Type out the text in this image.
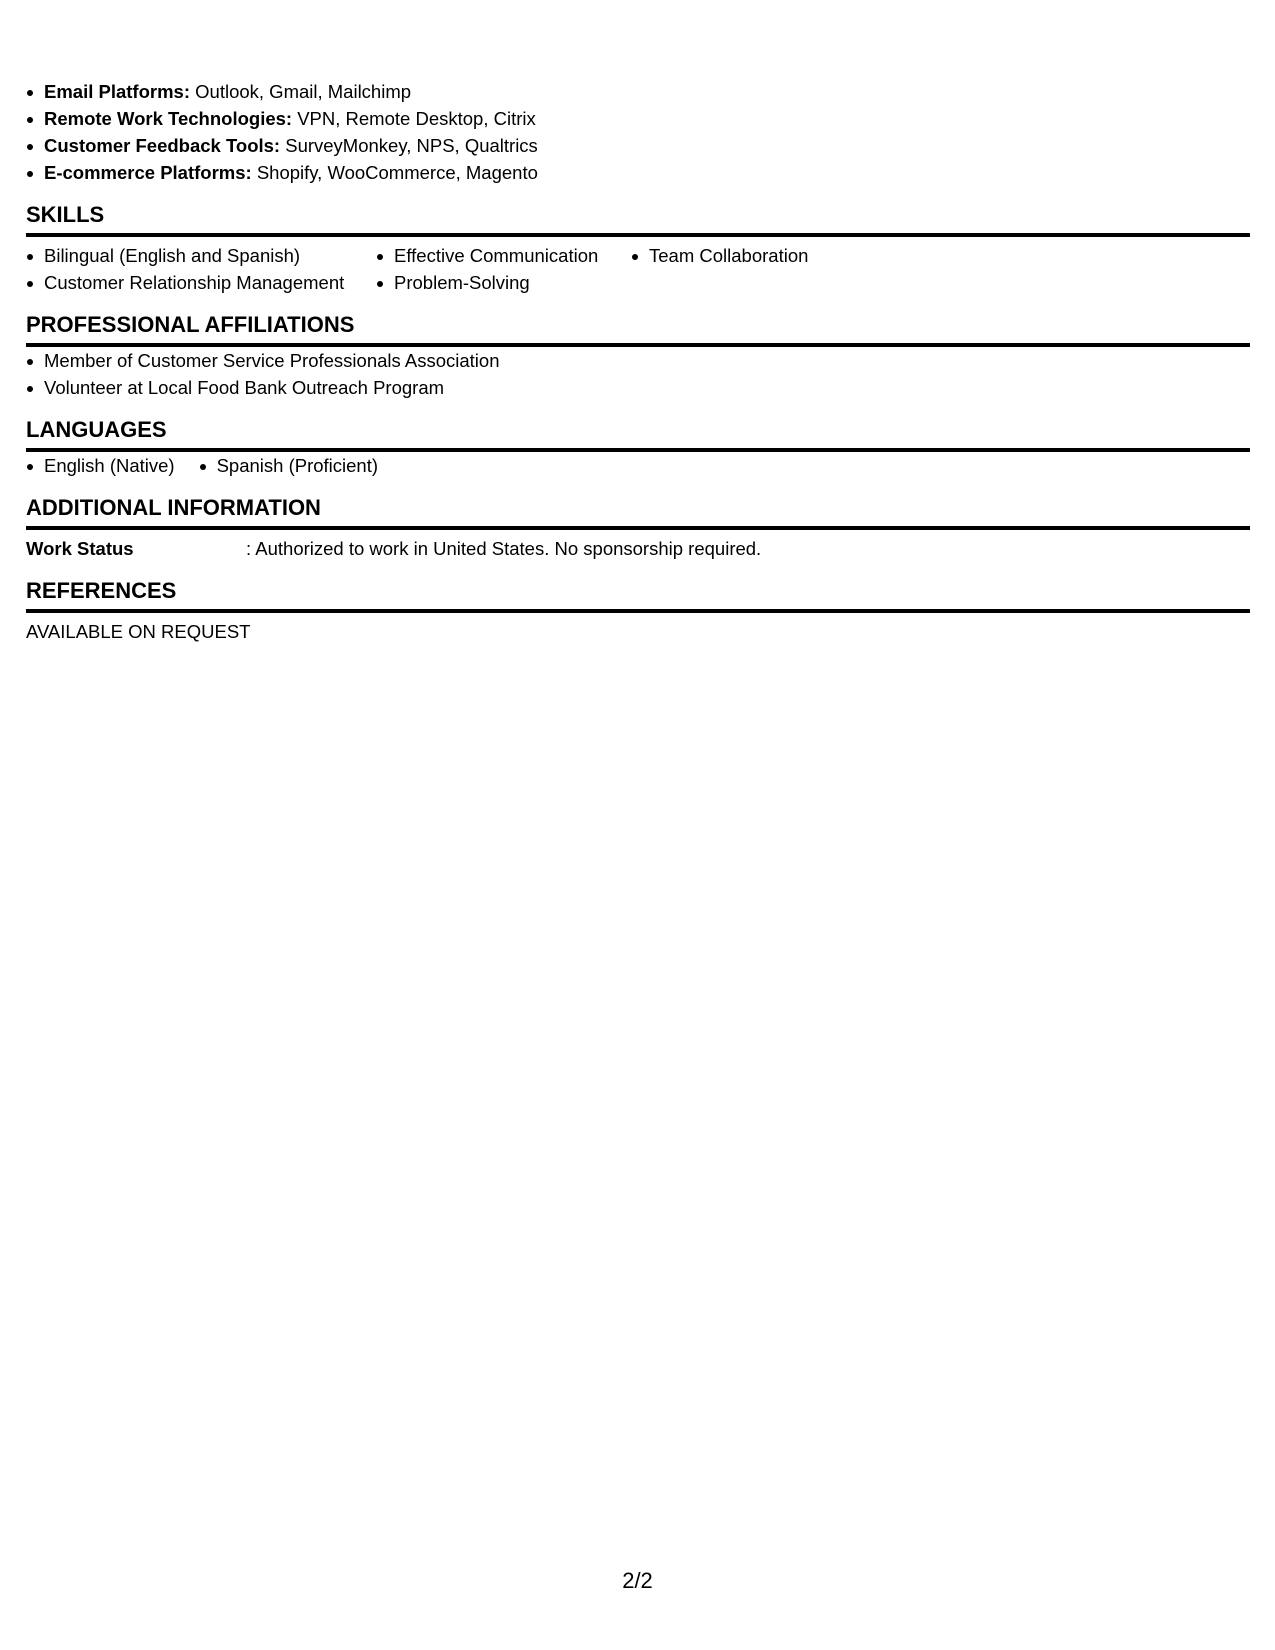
Email Platforms: Outlook, Gmail, Mailchimp
Remote Work Technologies: VPN, Remote Desktop, Citrix
Customer Feedback Tools: SurveyMonkey, NPS, Qualtrics
E-commerce Platforms: Shopify, WooCommerce, Magento
SKILLS
Bilingual (English and Spanish)
Customer Relationship Management
Effective Communication
Problem-Solving
Team Collaboration
PROFESSIONAL AFFILIATIONS
Member of Customer Service Professionals Association
Volunteer at Local Food Bank Outreach Program
LANGUAGES
English (Native)	Spanish (Proficient)
ADDITIONAL INFORMATION
Work Status	: Authorized to work in United States. No sponsorship required.
REFERENCES
AVAILABLE ON REQUEST
2/2
